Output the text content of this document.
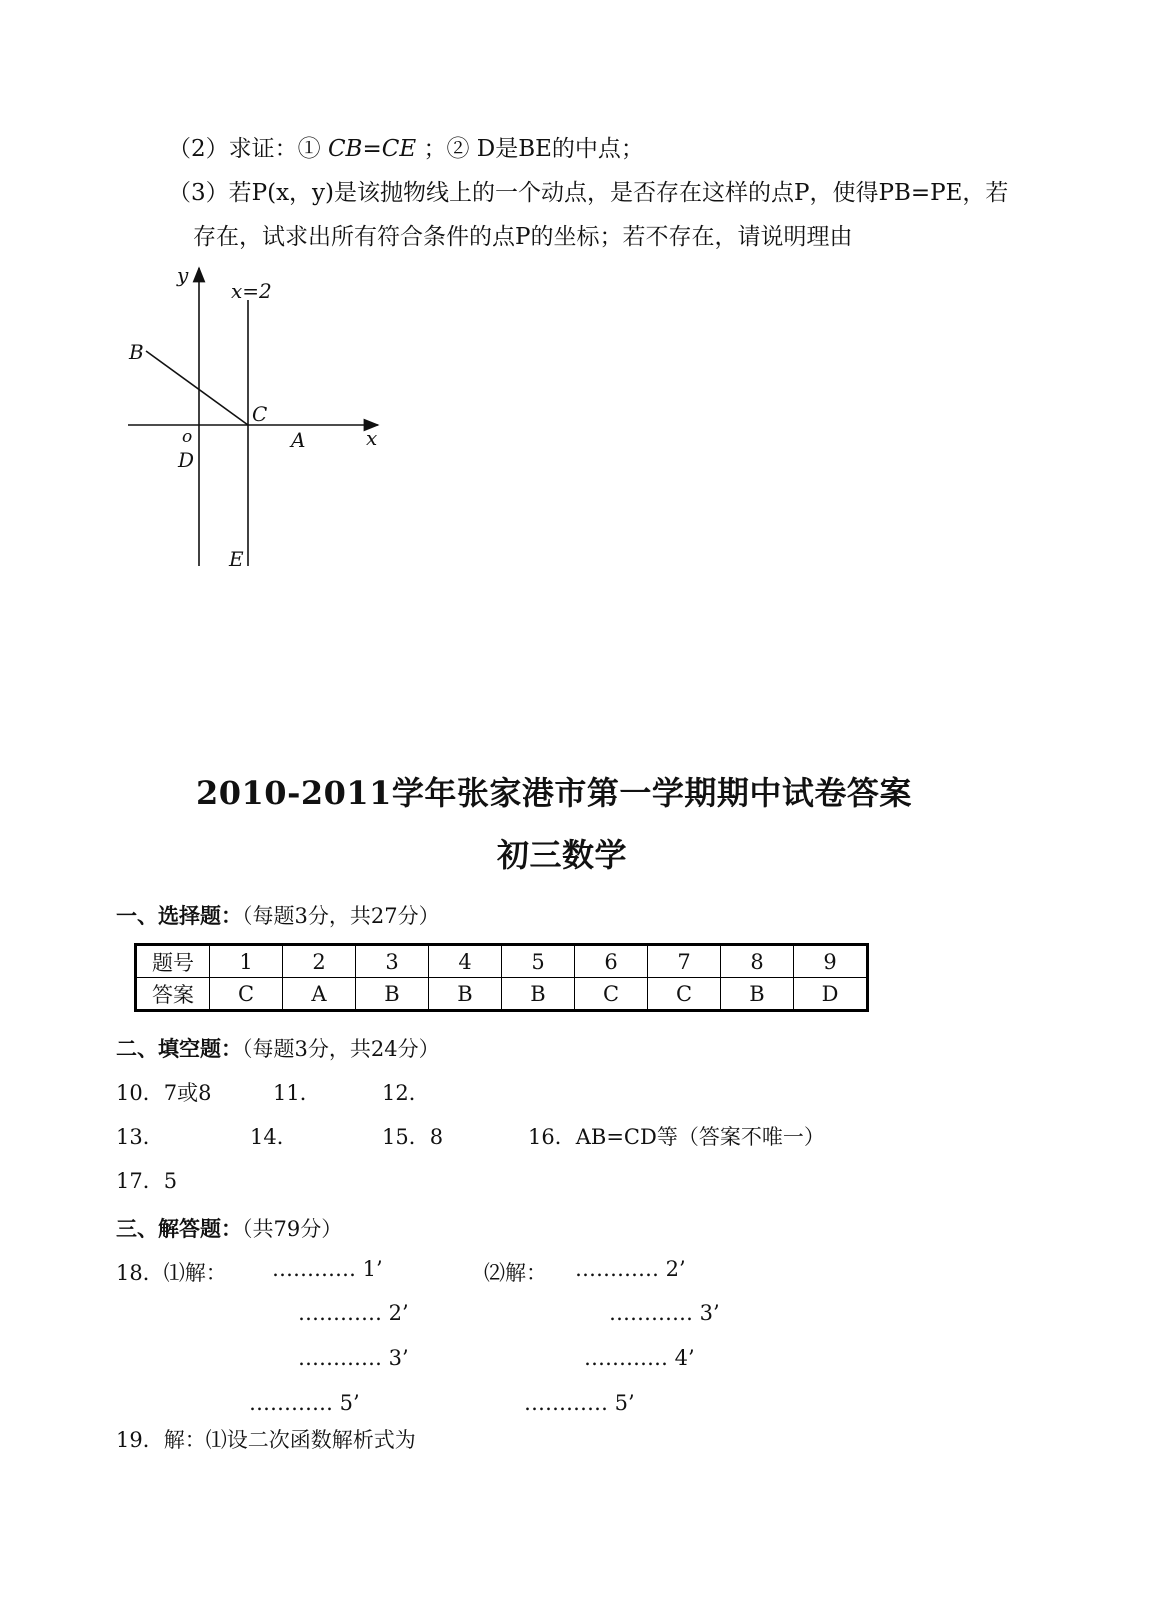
（2）求证：① CB=CE ；② D是BE的中点；
（3）若P(x，y)是该抛物线上的一个动点，是否存在这样的点P，使得PB=PE，若
存在，试求出所有符合条件的点P的坐标；若不存在，请说明理由
y
x
x=2
B
C
o	A
D
E
2010-2011学年张家港市第一学期期中试卷答案
初三数学
一、选择题：（每题3分，共27分）
题号	1	2	3	4	5	6	7	8	9
答案	C	A	B	B	B	C	C	B	D
二、填空题：（每题3分，共24分）
10．7或8	11．	12．
13．	14．	15．8	16．AB=CD等（答案不唯一）
17．5
三、解答题：（共79分）
18．⑴解： ………… 1’	⑵解： ………… 2’
………… 2’	………… 3’
………… 3’	………… 4’
………… 5’	………… 5’
19．解：⑴设二次函数解析式为
